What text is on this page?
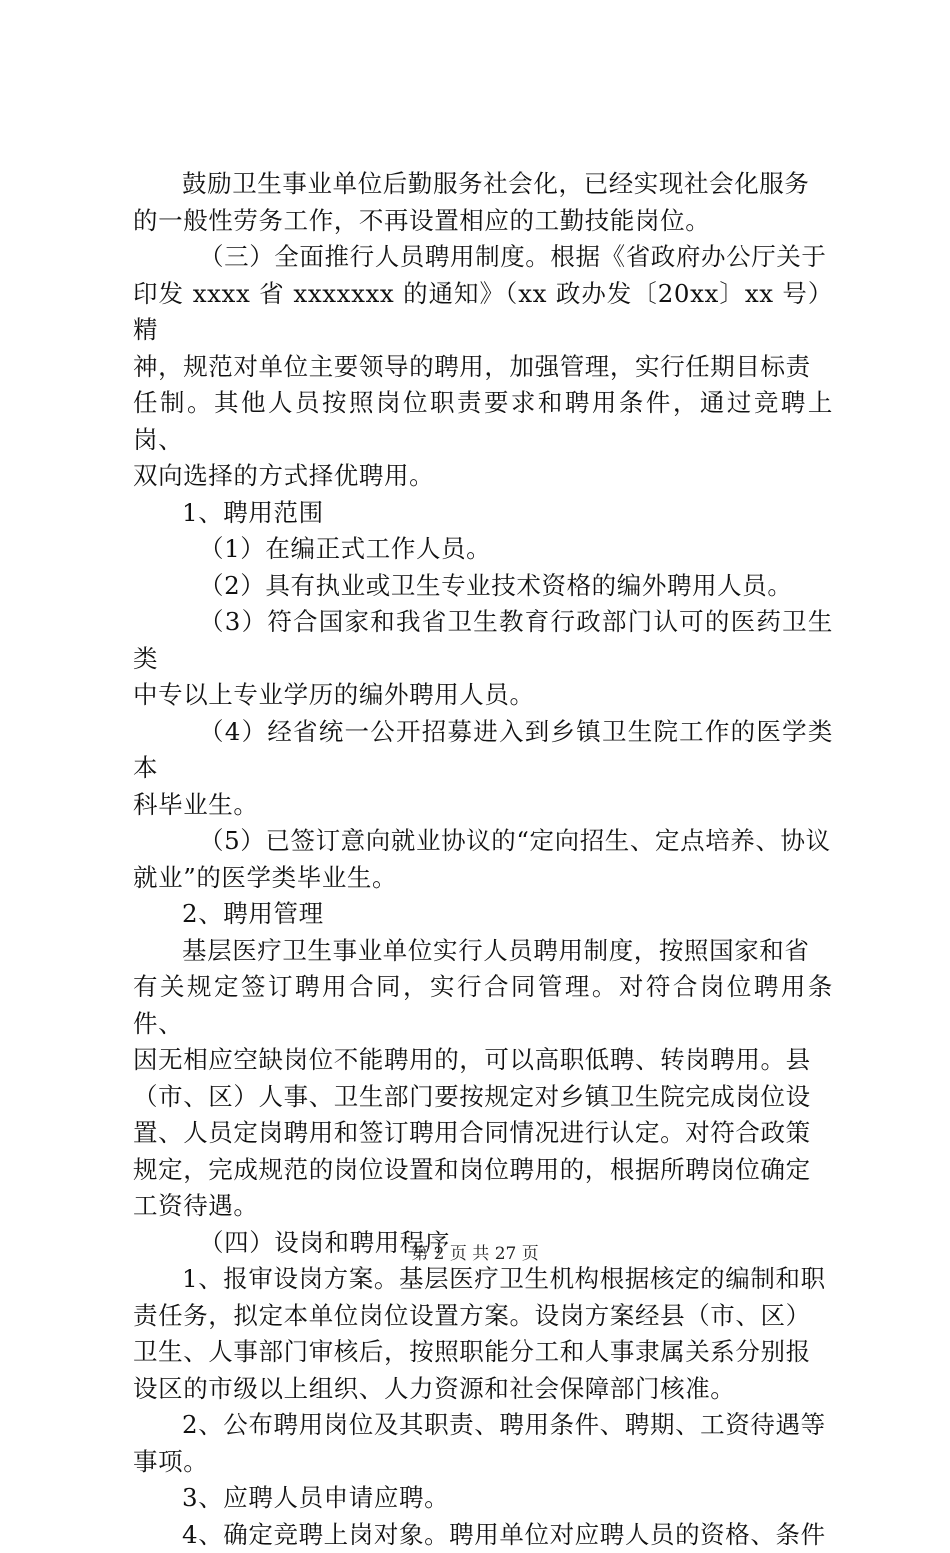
鼓励卫生事业单位后勤服务社会化，已经实现社会化服务

的一般性劳务工作，不再设置相应的工勤技能岗位。

（三）全面推行人员聘用制度。根据《省政府办公厅关于

印发 xxxx 省 xxxxxxx 的通知》（xx 政办发〔20xx〕xx 号）精

神，规范对单位主要领导的聘用，加强管理，实行任期目标责

任制。其他人员按照岗位职责要求和聘用条件，通过竞聘上岗、

双向选择的方式择优聘用。

1、聘用范围

（1）在编正式工作人员。

（2）具有执业或卫生专业技术资格的编外聘用人员。

（3）符合国家和我省卫生教育行政部门认可的医药卫生类

中专以上专业学历的编外聘用人员。

（4）经省统一公开招募进入到乡镇卫生院工作的医学类本

科毕业生。

（5）已签订意向就业协议的“定向招生、定点培养、协议

就业”的医学类毕业生。

2、聘用管理

基层医疗卫生事业单位实行人员聘用制度，按照国家和省

有关规定签订聘用合同，实行合同管理。对符合岗位聘用条件、

因无相应空缺岗位不能聘用的，可以高职低聘、转岗聘用。县

（市、区）人事、卫生部门要按规定对乡镇卫生院完成岗位设

置、人员定岗聘用和签订聘用合同情况进行认定。对符合政策

规定，完成规范的岗位设置和岗位聘用的，根据所聘岗位确定

工资待遇。

（四）设岗和聘用程序

1、报审设岗方案。基层医疗卫生机构根据核定的编制和职

责任务，拟定本单位岗位设置方案。设岗方案经县（市、区）

卫生、人事部门审核后，按照职能分工和人事隶属关系分别报

设区的市级以上组织、人力资源和社会保障部门核准。

2、公布聘用岗位及其职责、聘用条件、聘期、工资待遇等

事项。

3、应聘人员申请应聘。

4、确定竞聘上岗对象。聘用单位对应聘人员的资格、条件

第 2 页 共 27 页
